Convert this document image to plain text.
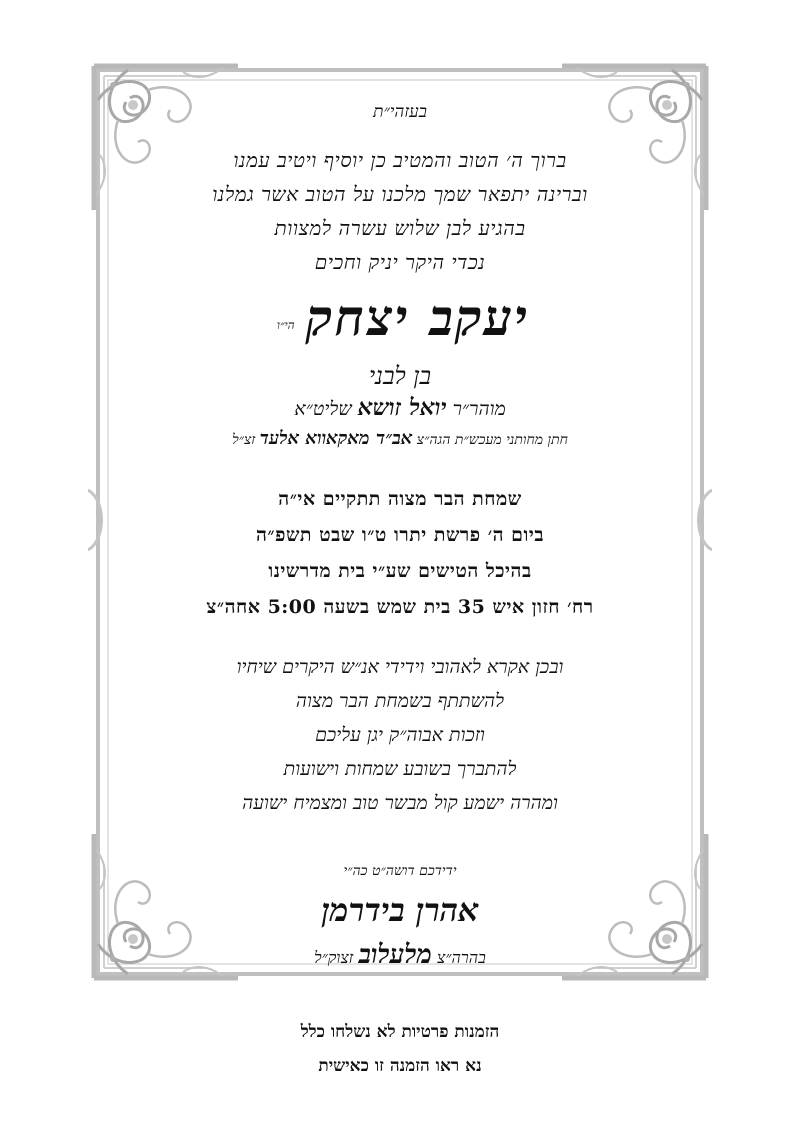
בעזהי״ת
ברוך ה׳ הטוב והמטיב כן יוסיף ויטיב עמנו
וברינה יתפאר שמך מלכנו על הטוב אשר גמלנו
בהגיע לבן שלוש עשרה למצוות
נכדי היקר יניק וחכים
יעקב יצחק $^{הי״ו}$
בן לבני
מוהר״ר יואל זושא שליט״א
חתן מחותני מעכש״ת הגה״צ אב״ד מאקאווא אלעד זצ״ל
שמחת הבר מצוה תתקיים אי״ה
ביום ה׳ פרשת יתרו ט״ו שבט תשפ״ה
בהיכל הטישים שע״י בית מדרשינו
רח׳ חזון איש 35 בית שמש בשעה 5:00 אחה״צ
ובכן אקרא לאהובי וידידי אנ״ש היקרים שיחיו
להשתתף בשמחת הבר מצוה
וזכות אבוה״ק יגן עליכם
להתברך בשובע שמחות וישועות
ומהרה ישמע קול מבשר טוב ומצמיח ישועה
ידידכם דושה״ט כה״י
אהרן בידרמן
בהרה״צ מלעלוב זצוק״ל
הזמנות פרטיות לא נשלחו כלל
נא ראו הזמנה זו כאישית
